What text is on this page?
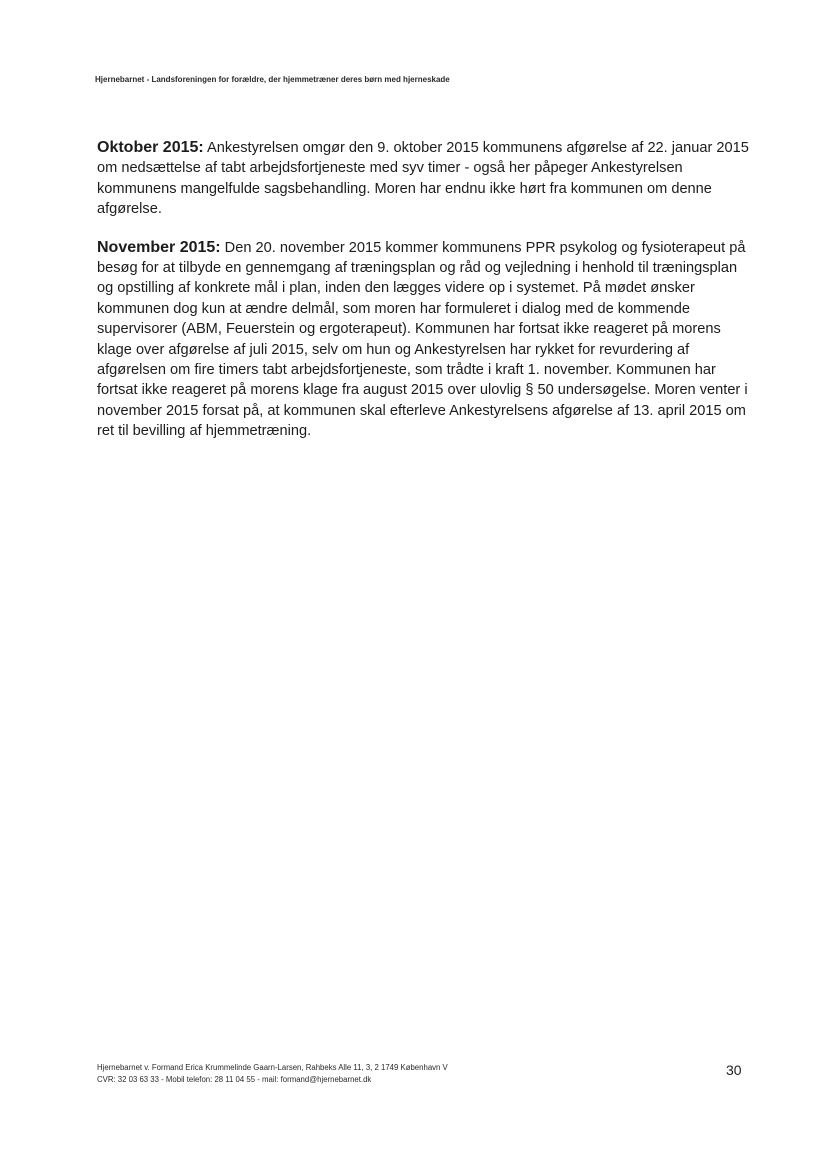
Hjernebarnet - Landsforeningen for forældre, der hjemmetræner deres børn med hjerneskade

Oktober 2015: Ankestyrelsen omgør den 9. oktober 2015 kommunens afgørelse af 22. januar 2015 om nedsættelse af tabt arbejdsfortjeneste med syv timer - også her påpeger Ankestyrelsen kommunens mangelfulde sagsbehandling. Moren har endnu ikke hørt fra kommunen om denne afgørelse.

November 2015: Den 20. november 2015 kommer kommunens PPR psykolog og fysioterapeut på besøg for at tilbyde en gennemgang af træningsplan og råd og vejledning i henhold til træningsplan og opstilling af konkrete mål i plan, inden den lægges videre op i systemet. På mødet ønsker kommunen dog kun at ændre delmål, som moren har formuleret i dialog med de kommende supervisorer (ABM, Feuerstein og ergoterapeut). Kommunen har fortsat ikke reageret på morens klage over afgørelse af juli 2015, selv om hun og Ankestyrelsen har rykket for revurdering af afgørelsen om fire timers tabt arbejdsfortjeneste, som trådte i kraft 1. november. Kommunen har fortsat ikke reageret på morens klage fra august 2015 over ulovlig § 50 undersøgelse. Moren venter i november 2015 forsat på, at kommunen skal efterleve Ankestyrelsens afgørelse af 13. april 2015 om ret til bevilling af hjemmetræning.

Hjernebarnet v. Formand Erica Krummelinde Gaarn-Larsen, Rahbeks Alle 11, 3, 2 1749 København V
CVR: 32 03 63 33 - Mobil telefon: 28 11 04 55 - mail: formand@hjernebarnet.dk
30
